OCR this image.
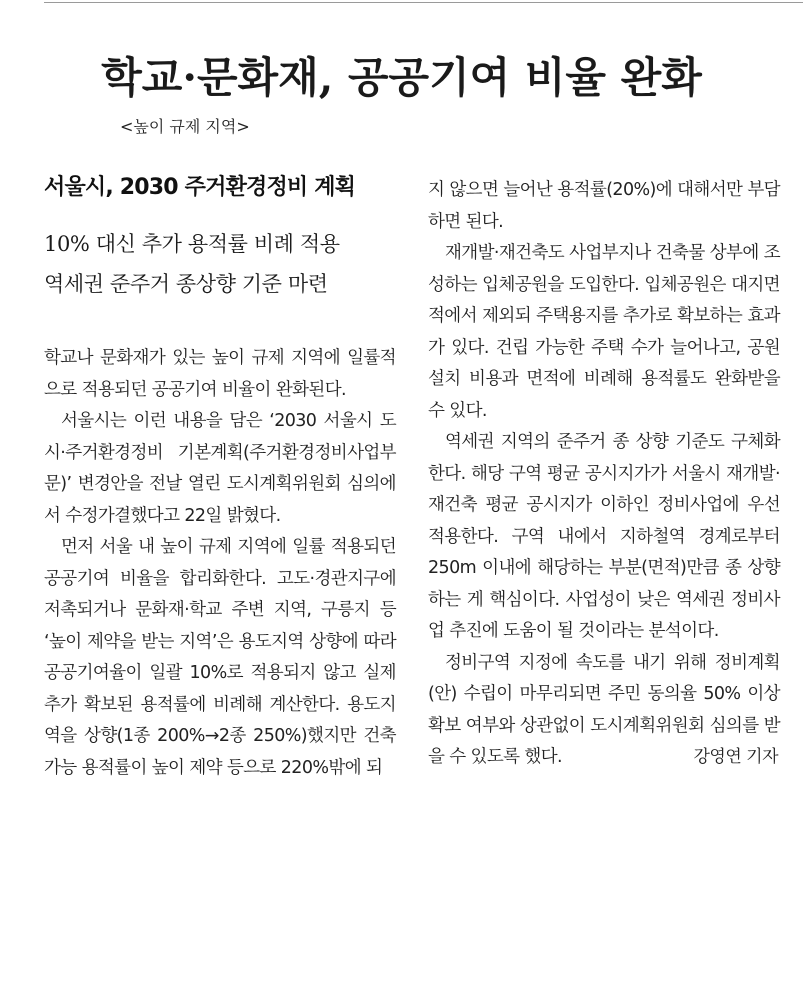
학교·문화재, 공공기여 비율 완화
<높이 규제 지역>
서울시, 2030 주거환경정비 계획
10% 대신 추가 용적률 비례 적용
역세권 준주거 종상향 기준 마련

학교나 문화재가 있는 높이 규제 지역에 일률적으로 적용되던 공공기여 비율이 완화된다.

서울시는 이런 내용을 담은 ‘2030 서울시 도시·주거환경정비 기본계획(주거환경정비사업부문)’ 변경안을 전날 열린 도시계획위원회 심의에서 수정가결했다고 22일 밝혔다.

먼저 서울 내 높이 규제 지역에 일률 적용되던 공공기여 비율을 합리화한다. 고도·경관지구에 저촉되거나 문화재·학교 주변 지역, 구릉지 등 ‘높이 제약을 받는 지역’은 용도지역 상향에 따라 공공기여율이 일괄 10%로 적용되지 않고 실제 추가 확보된 용적률에 비례해 계산한다. 용도지역을 상향(1종 200%→2종 250%)했지만 건축 가능 용적률이 높이 제약 등으로 220%밖에 되

지 않으면 늘어난 용적률(20%)에 대해서만 부담하면 된다.

재개발·재건축도 사업부지나 건축물 상부에 조성하는 입체공원을 도입한다. 입체공원은 대지면적에서 제외되 주택용지를 추가로 확보하는 효과가 있다. 건립 가능한 주택 수가 늘어나고, 공원 설치 비용과 면적에 비례해 용적률도 완화받을 수 있다.

역세권 지역의 준주거 종 상향 기준도 구체화한다. 해당 구역 평균 공시지가가 서울시 재개발·재건축 평균 공시지가 이하인 정비사업에 우선 적용한다. 구역 내에서 지하철역 경계로부터 250m 이내에 해당하는 부분(면적)만큼 종 상향하는 게 핵심이다. 사업성이 낮은 역세권 정비사업 추진에 도움이 될 것이라는 분석이다.

정비구역 지정에 속도를 내기 위해 정비계획(안) 수립이 마무리되면 주민 동의율 50% 이상 확보 여부와 상관없이 도시계획위원회 심의를 받을 수 있도록 했다.	강영연 기자
